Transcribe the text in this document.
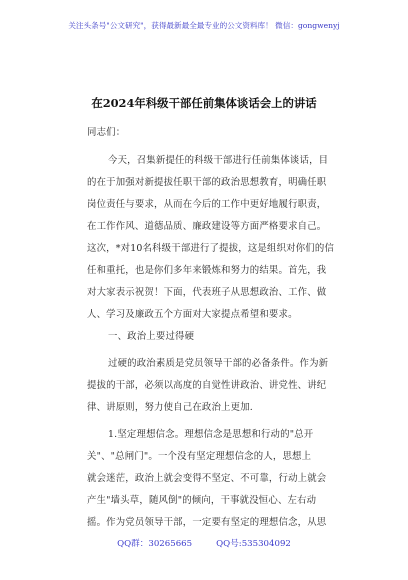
关注头条号"公文研究"，获得最新最全最专业的公文资料库！ 微信：gongwenyj
在2024年科级干部任前集体谈话会上的讲话
同志们：
今天，召集新提任的科级干部进行任前集体谈话，目
的在于加强对新提拔任职干部的政治思想教育，明确任职
岗位责任与要求，从而在今后的工作中更好地履行职责，
在工作作风、道德品质、廉政建设等方面严格要求自己。
这次，*对10名科级干部进行了提拔，这是组织对你们的信
任和重托，也是你们多年来锻炼和努力的结果。首先，我
对大家表示祝贺！下面，代表班子从思想政治、工作、做
人、学习及廉政五个方面对大家提点希望和要求。
一、政治上要过得硬
过硬的政治素质是党员领导干部的必备条件。作为新
提拔的干部，必须以高度的自觉性讲政治、讲党性、讲纪
律、讲原则，努力使自己在政治上更加.
1.坚定理想信念。理想信念是思想和行动的"总开
关"、"总闸门"。一个没有坚定理想信念的人，思想上
就会迷茫，政治上就会变得不坚定、不可靠，行动上就会
产生"墙头草，随风倒"的倾向，干事就没恒心、左右动
摇。作为党员领导干部，一定要有坚定的理想信念，从思
QQ群：30265665	QQ号:535304092
